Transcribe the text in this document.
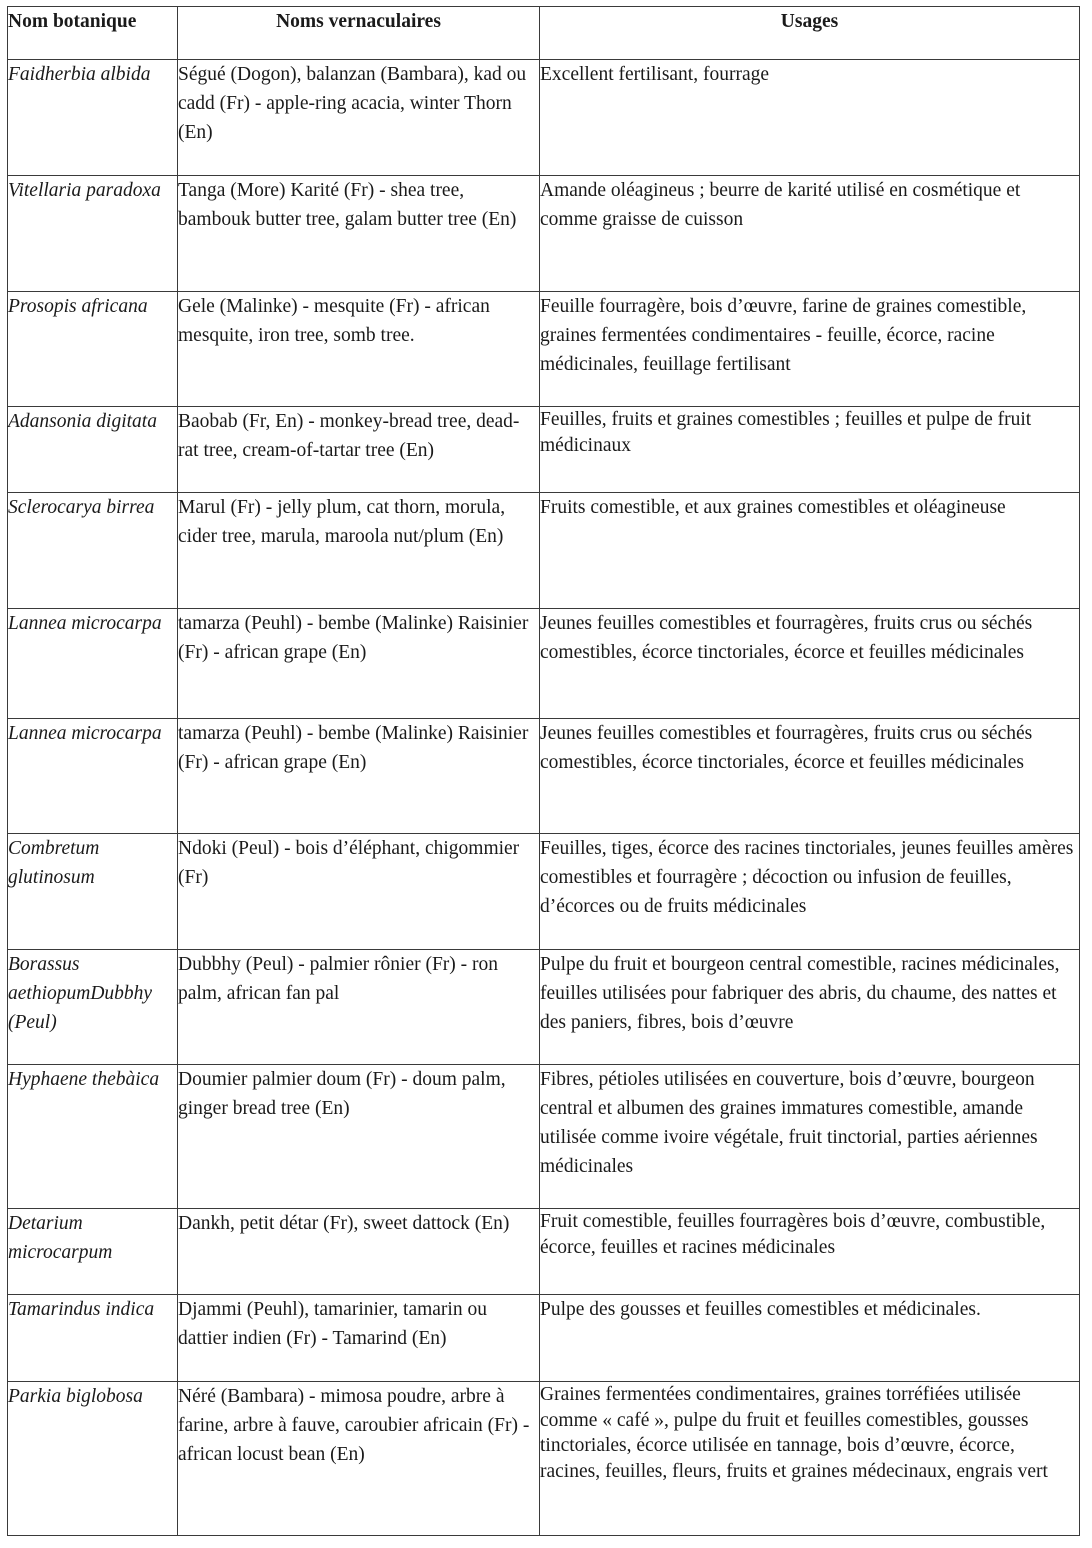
Nom botanique	Noms vernaculaires	Usages
Faidherbia albida	Ségué (Dogon), balanzan (Bambara), kad ou cadd (Fr) - apple-ring acacia, winter Thorn (En)	Excellent fertilisant, fourrage
Vitellaria paradoxa	Tanga (More) Karité (Fr) - shea tree, bambouk butter tree, galam butter tree (En)	Amande oléagineus ; beurre de karité utilisé en cosmétique et comme graisse de cuisson
Prosopis africana	Gele (Malinke) - mesquite (Fr) - african mesquite, iron tree, somb tree.	Feuille fourragère, bois d’œuvre, farine de graines comestible, graines fermentées condimentaires - feuille, écorce, racine médicinales, feuillage fertilisant
Adansonia digitata	Baobab (Fr, En) - monkey-bread tree, dead-rat tree, cream-of-tartar tree (En)	Feuilles, fruits et graines comestibles ; feuilles et pulpe de fruit médicinaux
Sclerocarya birrea	Marul (Fr) - jelly plum, cat thorn, morula, cider tree, marula, maroola nut/plum (En)	Fruits comestible, et aux graines comestibles et oléagineuse
Lannea microcarpa	tamarza (Peuhl) - bembe (Malinke) Raisinier (Fr) - african grape (En)	Jeunes feuilles comestibles et fourragères, fruits crus ou séchés comestibles, écorce tinctoriales, écorce et feuilles médicinales
Lannea microcarpa	tamarza (Peuhl) - bembe (Malinke) Raisinier (Fr) - african grape (En)	Jeunes feuilles comestibles et fourragères, fruits crus ou séchés comestibles, écorce tinctoriales, écorce et feuilles médicinales
Combretum glutinosum	Ndoki (Peul) - bois d’éléphant, chigommier (Fr)	Feuilles, tiges, écorce des racines tinctoriales, jeunes feuilles amères comestibles et fourragère ; décoction ou infusion de feuilles, d’écorces ou de fruits médicinales
Borassus aethiopumDubbhy (Peul)	Dubbhy (Peul) - palmier rônier (Fr) - ron palm, african fan pal	Pulpe du fruit et bourgeon central comestible, racines médicinales, feuilles utilisées pour fabriquer des abris, du chaume, des nattes et des paniers, fibres, bois d’œuvre
Hyphaene thebàica	Doumier palmier doum (Fr) - doum palm, ginger bread tree (En)	Fibres, pétioles utilisées en couverture, bois d’œuvre, bourgeon central et albumen des graines immatures comestible, amande utilisée comme ivoire végétale, fruit tinctorial, parties aériennes médicinales
Detarium microcarpum	Dankh, petit détar (Fr), sweet dattock (En)	Fruit comestible, feuilles fourragères bois d’œuvre, combustible, écorce, feuilles et racines médicinales
Tamarindus indica	Djammi (Peuhl), tamarinier, tamarin ou dattier indien (Fr) - Tamarind (En)	Pulpe des gousses et feuilles comestibles et médicinales.
Parkia biglobosa	Néré (Bambara) - mimosa poudre, arbre à farine, arbre à fauve, caroubier africain (Fr) - african locust bean (En)	Graines fermentées condimentaires, graines torréfiées utilisée comme « café », pulpe du fruit et feuilles comestibles, gousses tinctoriales, écorce utilisée en tannage, bois d’œuvre, écorce, racines, feuilles, fleurs, fruits et graines médecinaux, engrais vert
